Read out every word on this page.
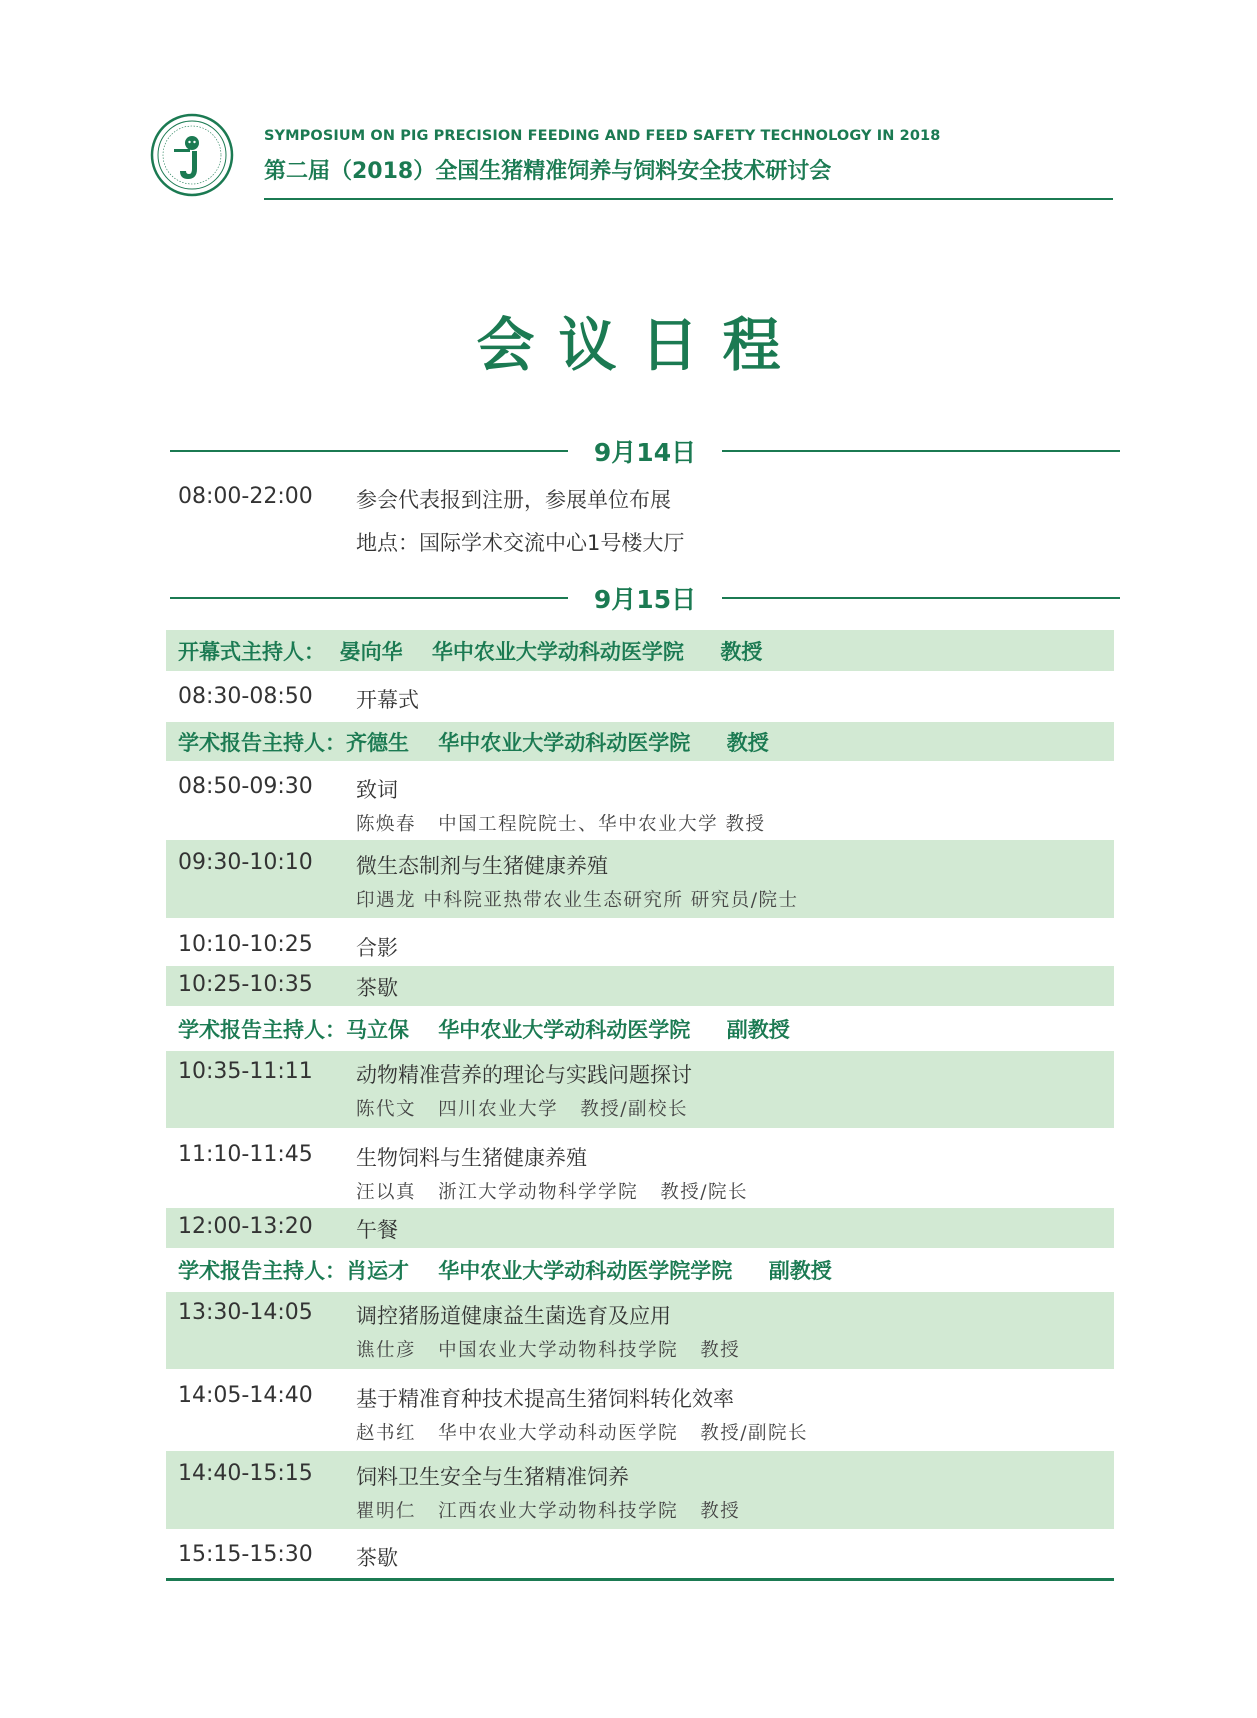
SYMPOSIUM ON PIG PRECISION FEEDING AND FEED SAFETY TECHNOLOGY IN 2018
第二届（2018）全国生猪精准饲养与饲料安全技术研讨会
会议日程
9月14日
08:00-22:00	参会代表报到注册，参展单位布展
地点：国际学术交流中心1号楼大厅
9月15日
开幕式主持人：  晏向华    华中农业大学动科动医学院     教授
08:30-08:50	开幕式
学术报告主持人：齐德生    华中农业大学动科动医学院     教授
08:50-09:30	致词
陈焕春   中国工程院院士、华中农业大学 教授
09:30-10:10	微生态制剂与生猪健康养殖
印遇龙 中科院亚热带农业生态研究所 研究员/院士
10:10-10:25	合影
10:25-10:35	茶歇
学术报告主持人：马立保    华中农业大学动科动医学院     副教授
10:35-11:11	动物精准营养的理论与实践问题探讨
陈代文   四川农业大学   教授/副校长
11:10-11:45	生物饲料与生猪健康养殖
汪以真   浙江大学动物科学学院   教授/院长
12:00-13:20	午餐
学术报告主持人：肖运才    华中农业大学动科动医学院学院     副教授
13:30-14:05	调控猪肠道健康益生菌选育及应用
谯仕彦   中国农业大学动物科技学院   教授
14:05-14:40	基于精准育种技术提高生猪饲料转化效率
赵书红   华中农业大学动科动医学院   教授/副院长
14:40-15:15	饲料卫生安全与生猪精准饲养
瞿明仁   江西农业大学动物科技学院   教授
15:15-15:30	茶歇
